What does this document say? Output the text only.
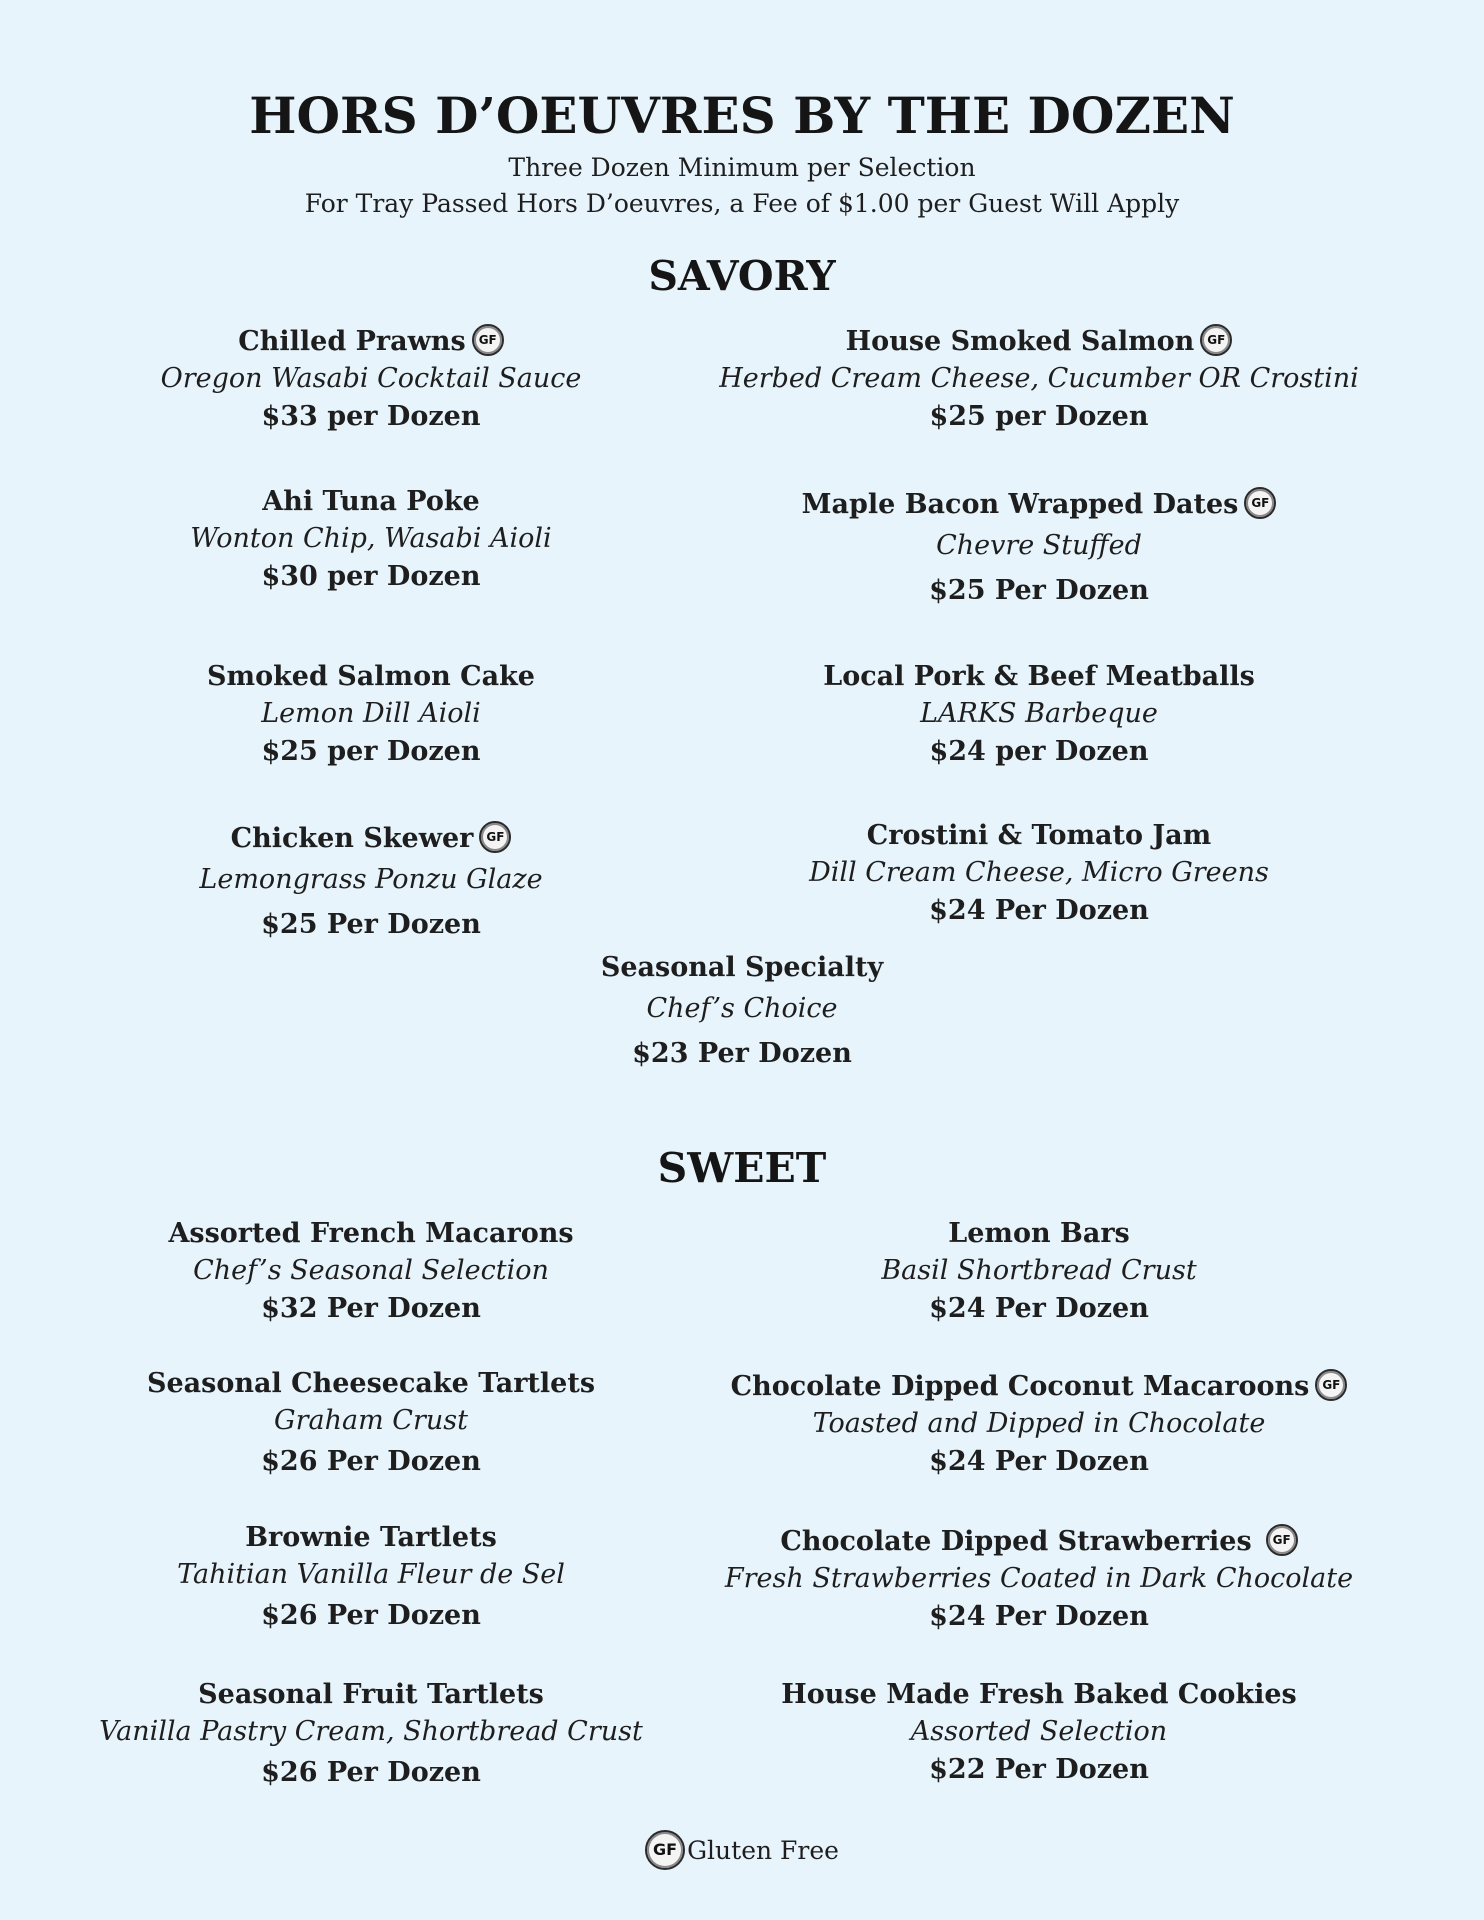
HORS D’OEUVRES BY THE DOZEN
Three Dozen Minimum per Selection
For Tray Passed Hors D’oeuvres, a Fee of $1.00 per Guest Will Apply
SAVORY
Chilled Prawns GF
Oregon Wasabi Cocktail Sauce
$33 per Dozen
House Smoked Salmon GF
Herbed Cream Cheese, Cucumber OR Crostini
$25 per Dozen
Ahi Tuna Poke
Wonton Chip, Wasabi Aioli
$30 per Dozen
Maple Bacon Wrapped Dates GF
Chevre Stuffed
$25 Per Dozen
Smoked Salmon Cake
Lemon Dill Aioli
$25 per Dozen
Local Pork & Beef Meatballs
LARKS Barbeque
$24 per Dozen
Chicken Skewer GF
Lemongrass Ponzu Glaze
$25 Per Dozen
Crostini & Tomato Jam
Dill Cream Cheese, Micro Greens
$24 Per Dozen
Seasonal Specialty
Chef’s Choice
$23 Per Dozen
SWEET
Assorted French Macarons
Chef’s Seasonal Selection
$32 Per Dozen
Lemon Bars
Basil Shortbread Crust
$24 Per Dozen
Seasonal Cheesecake Tartlets
Graham Crust
$26 Per Dozen
Chocolate Dipped Coconut Macaroons GF
Toasted and Dipped in Chocolate
$24 Per Dozen
Brownie Tartlets
Tahitian Vanilla Fleur de Sel
$26 Per Dozen
Chocolate Dipped Strawberries GF
Fresh Strawberries Coated in Dark Chocolate
$24 Per Dozen
Seasonal Fruit Tartlets
Vanilla Pastry Cream, Shortbread Crust
$26 Per Dozen
House Made Fresh Baked Cookies
Assorted Selection
$22 Per Dozen
GF Gluten Free
